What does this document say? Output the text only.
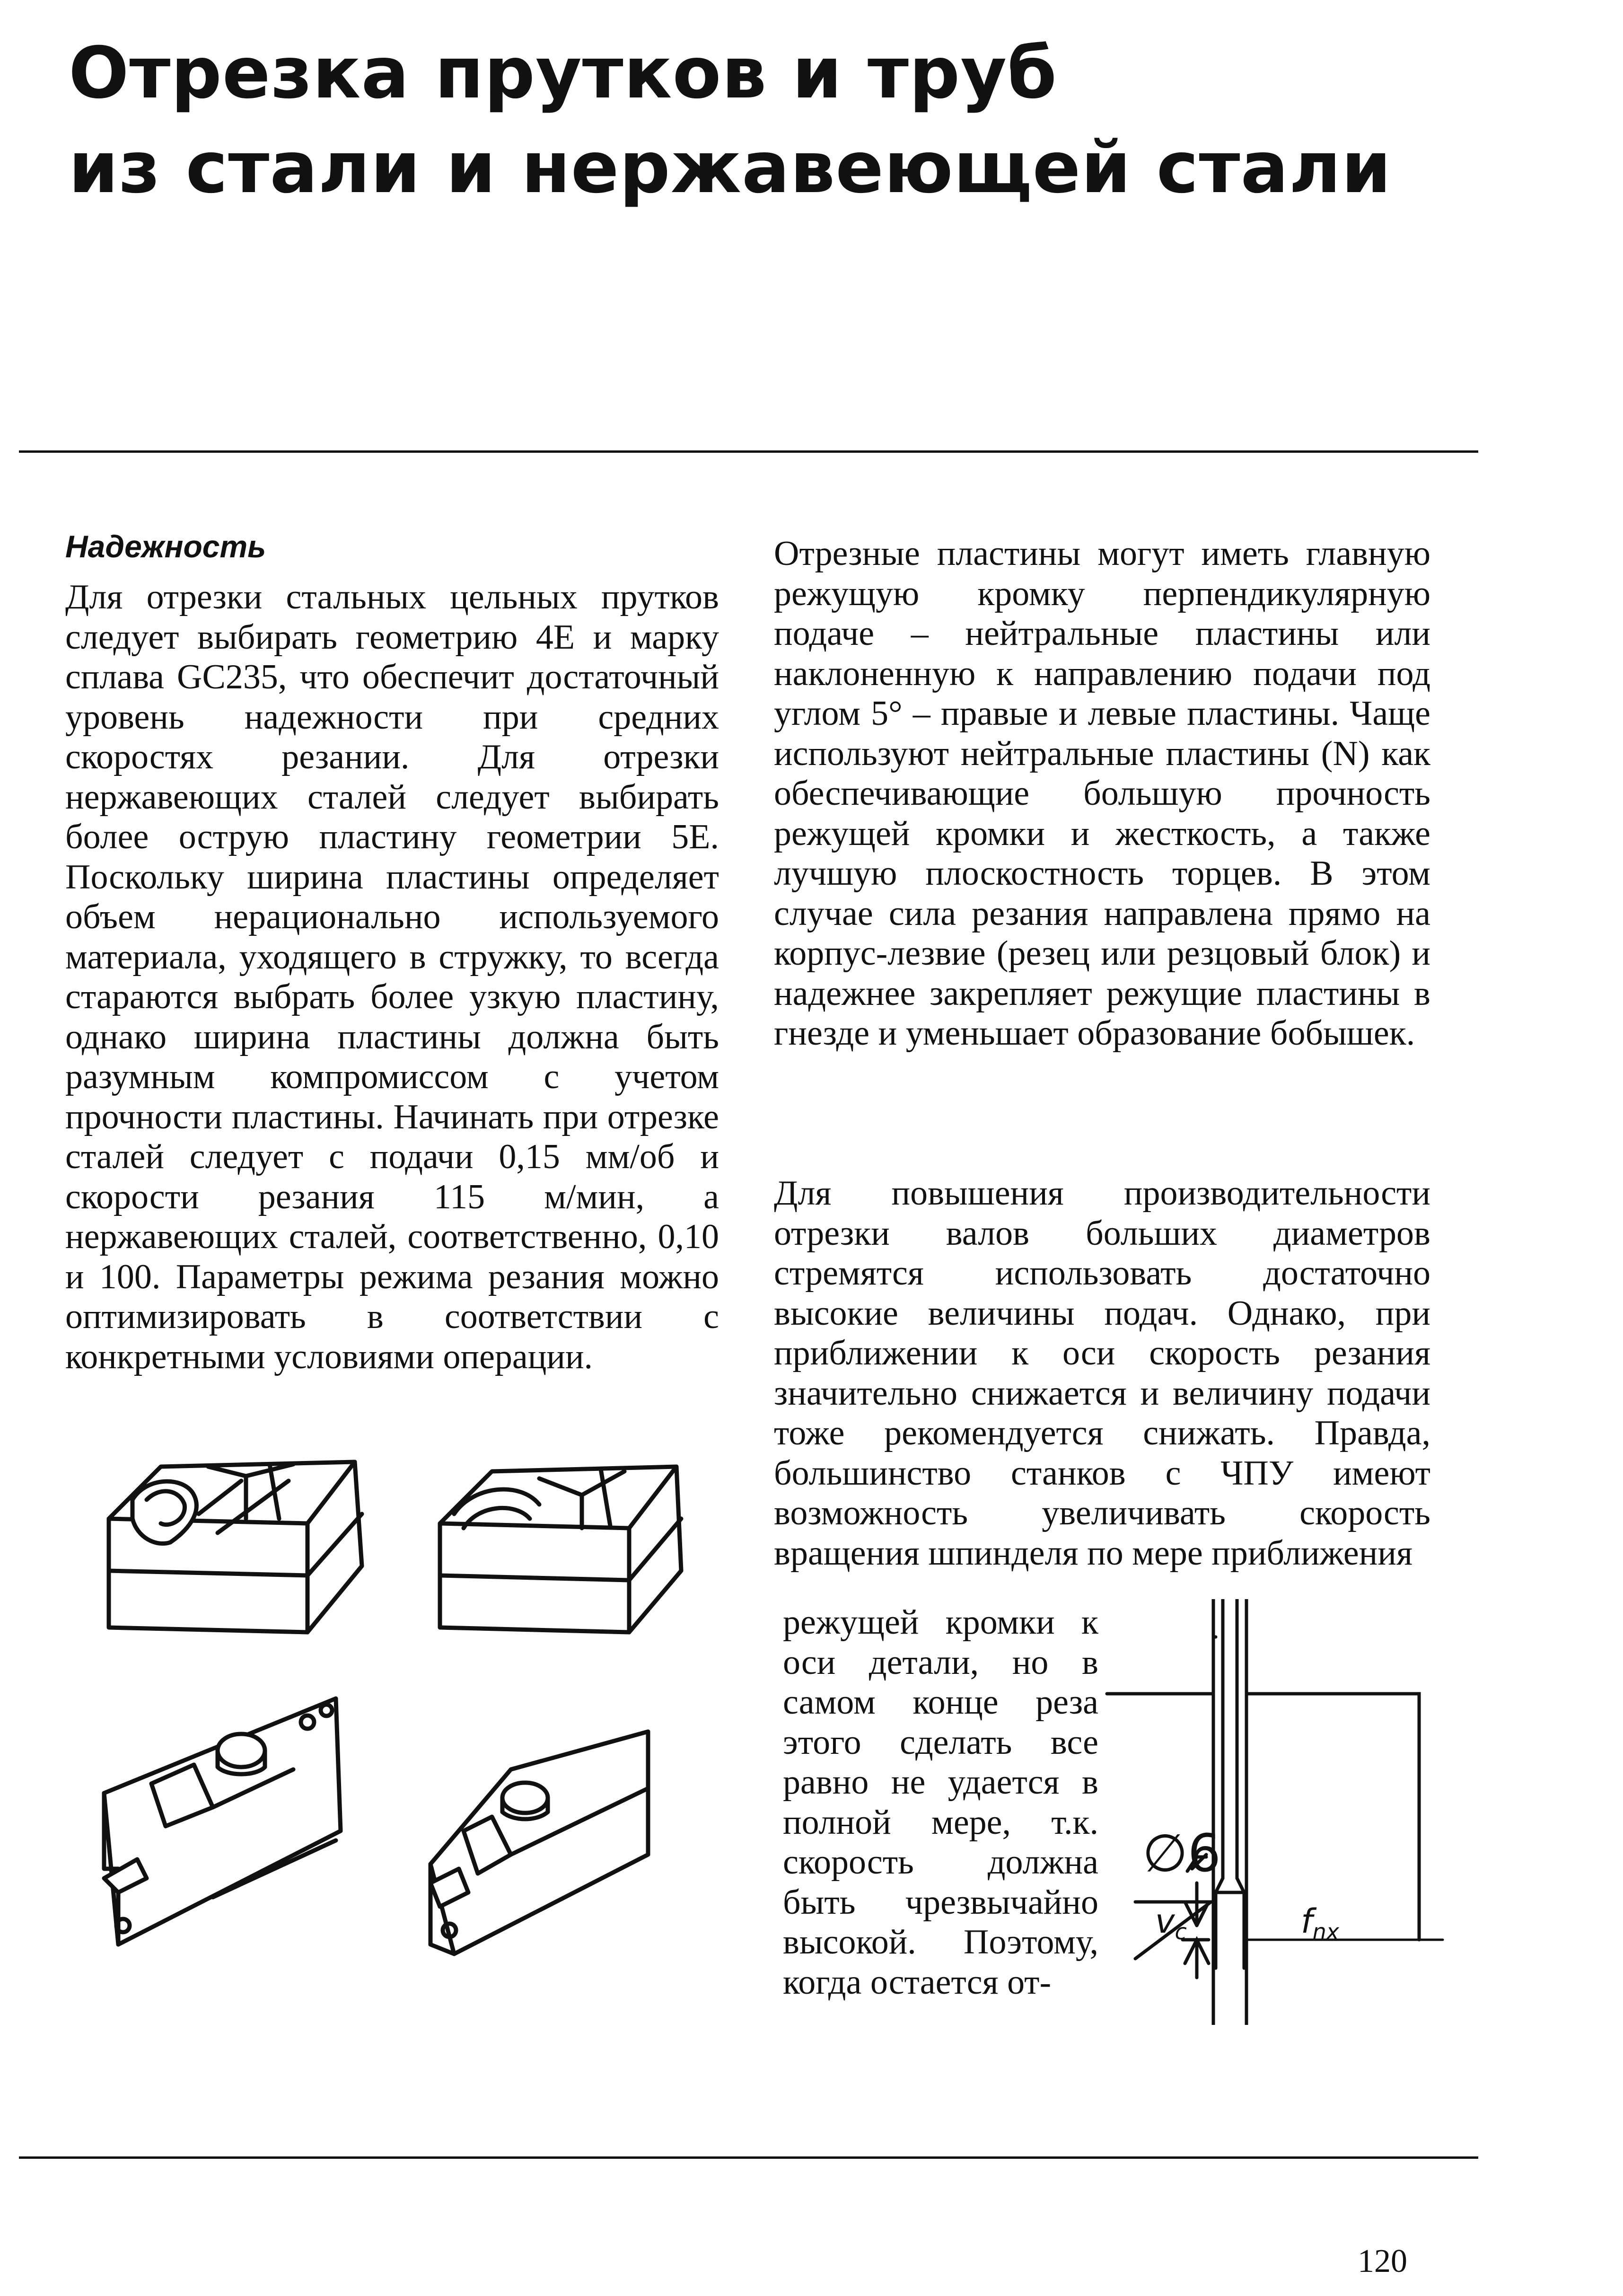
Отрезка прутков и труб
из стали и нержавеющей стали
Надежность
Для отрезки стальных цельных прутков следует выбирать геометрию 4E и марку сплава GC235, что обеспечит достаточный уровень надежности при средних скоростях резании. Для отрезки нержавеющих сталей следует выбирать более острую пластину геометрии 5E. Поскольку ширина пластины определяет объем нерационально используемого материала, уходящего в стружку, то всегда стараются выбрать более узкую пластину, однако ширина пластины должна быть разумным компромиссом с учетом прочности пластины. Начинать при отрезке сталей следует с подачи 0,15 мм/об и скорости резания 115 м/мин, а нержавеющих сталей, соответственно, 0,10 и 100. Параметры режима резания можно оптимизировать в соответствии с конкретными условиями операции.
Отрезные пластины могут иметь главную режущую кромку перпендикулярную подаче – нейтральные пластины или наклоненную к направлению подачи под углом 5° – правые и левые пластины. Чаще используют нейтральные пластины (N) как обеспечивающие большую прочность режущей кромки и жесткость, а также лучшую плоскостность торцев. В этом случае сила резания направлена прямо на корпус-лезвие (резец или резцовый блок) и надежнее закрепляет режущие пластины в гнезде и уменьшает образование бобышек.
Для повышения производительности отрезки валов больших диаметров стремятся использовать достаточно высокие величины подач. Однако, при приближении к оси скорость резания значительно снижается и величину подачи тоже рекомендуется снижать. Правда, большинство станков с ЧПУ имеют возможность увеличивать скорость вращения шпинделя по мере приближения
режущей кромки к оси детали, но в самом конце реза этого сделать все равно не удается в полной мере, т.к. скорость должна быть чрезвычайно высокой. Поэтому, когда остается от-
∅6
$v_c$	$f_{nx}$
120
